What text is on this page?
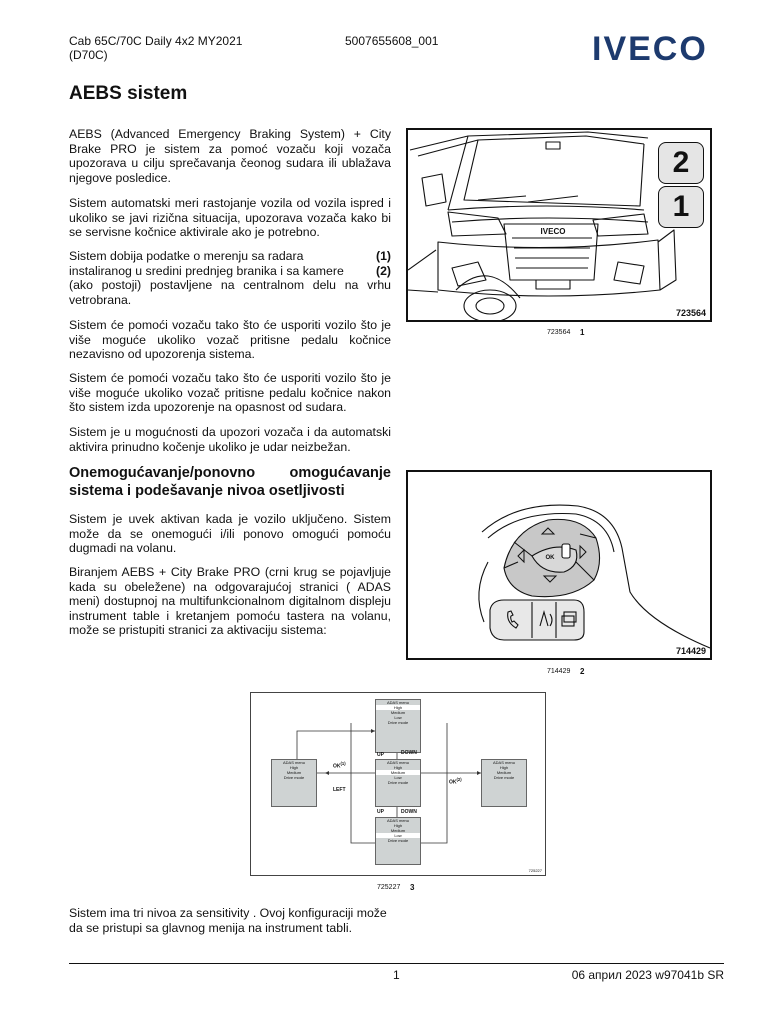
Cab 65C/70C Daily 4x2 MY2021
(D70C)
5007655608_001	IVECO
AEBS sistem
AEBS (Advanced Emergency Braking System) + City Brake PRO je sistem za pomoć vozaču koji vozača upozorava u cilju sprečavanja čeonog sudara ili ublažava njegove posledice.
Sistem automatski meri rastojanje vozila od vozila ispred i ukoliko se javi rizična situacija, upozorava vozača kako bi se servisne kočnice aktivirale ako je potrebno.
Sistem dobija podatke o merenju sa radara	(1)
instaliranog u sredini prednjeg branika i sa kamere	(2)
(ako postoji) postavljene na centralnom delu na vrhu vetrobrana.
Sistem će pomoći vozaču tako što će usporiti vozilo što je više moguće ukoliko vozač pritisne pedalu kočnice nezavisno od upozorenja sistema.
Sistem će pomoći vozaču tako što će usporiti vozilo što je više moguće ukoliko vozač pritisne pedalu kočnice nakon što sistem izda upozorenje na opasnost od sudara.
Sistem je u mogućnosti da upozori vozača i da automatski aktivira prinudno kočenje ukoliko je udar neizbežan.
Onemogućavanje/ponovno omogućavanje
sistema i podešavanje nivoa osetljivosti
Sistem je uvek aktivan kada je vozilo uključeno. Sistem može da se onemogući i/ili ponovo omogući pomoću dugmadi na volanu.
Biranjem AEBS + City Brake PRO (crni krug se pojavljuje kada su obeležene) na odgovarajućoj stranici ( ADAS meni) dostupnoj na multifunkcionalnom digitalnom displeju instrument table i kretanjem pomoću tastera na volanu, može se pristupiti stranici za aktivaciju sistema:
IVECO
2
1
723564
723564 1
OK
714429
714429 2
ADAS menu
High
Medium
Drive mode
ADAS menu
High
Medium
Low
Drive mode
ADAS menu
High
Medium
Low
Drive mode
ADAS menu
High
Medium
Low
Drive mode
ADAS menu
High
Medium
Drive mode
OK$^{(1)}$
LEFT
OK$^{(2)}$
UP	DOWN
UP	DOWN
725227
725227 3
Sistem ima tri nivoa za sensitivity . Ovoj konfiguraciji može da se pristupi sa glavnog menija na instrument tabli.
1	06 април 2023 w97041b SR
